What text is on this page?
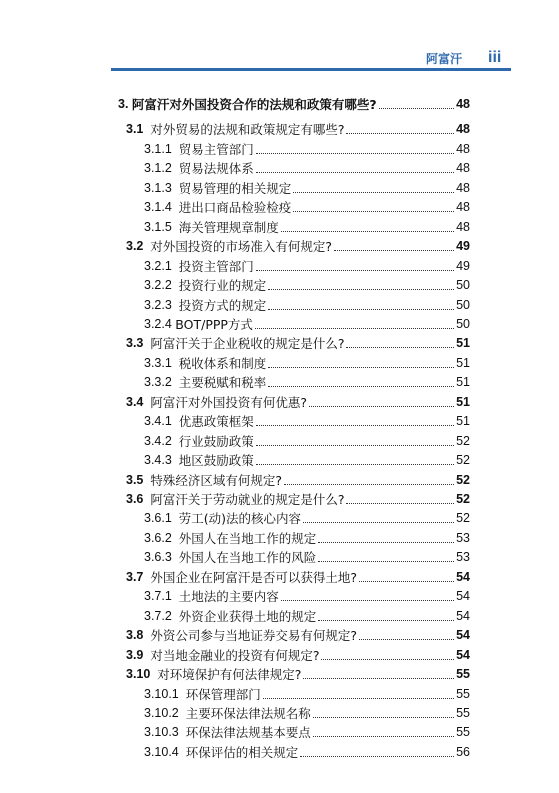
阿富汗	iii
3. 阿富汗对外国投资合作的法规和政策有哪些?	48
3.1 对外贸易的法规和政策规定有哪些?	48
3.1.1 贸易主管部门	48
3.1.2 贸易法规体系	48
3.1.3 贸易管理的相关规定	48
3.1.4 进出口商品检验检疫	48
3.1.5 海关管理规章制度	48
3.2 对外国投资的市场准入有何规定?	49
3.2.1 投资主管部门	49
3.2.2 投资行业的规定	50
3.2.3 投资方式的规定	50
3.2.4 BOT/PPP方式	50
3.3 阿富汗关于企业税收的规定是什么?	51
3.3.1 税收体系和制度	51
3.3.2 主要税赋和税率	51
3.4 阿富汗对外国投资有何优惠?	51
3.4.1 优惠政策框架	51
3.4.2 行业鼓励政策	52
3.4.3 地区鼓励政策	52
3.5 特殊经济区域有何规定?	52
3.6 阿富汗关于劳动就业的规定是什么?	52
3.6.1 劳工(动)法的核心内容	52
3.6.2 外国人在当地工作的规定	53
3.6.3 外国人在当地工作的风险	53
3.7 外国企业在阿富汗是否可以获得土地?	54
3.7.1 土地法的主要内容	54
3.7.2 外资企业获得土地的规定	54
3.8 外资公司参与当地证券交易有何规定?	54
3.9 对当地金融业的投资有何规定?	54
3.10 对环境保护有何法律规定?	55
3.10.1 环保管理部门	55
3.10.2 主要环保法律法规名称	55
3.10.3 环保法律法规基本要点	55
3.10.4 环保评估的相关规定	56
